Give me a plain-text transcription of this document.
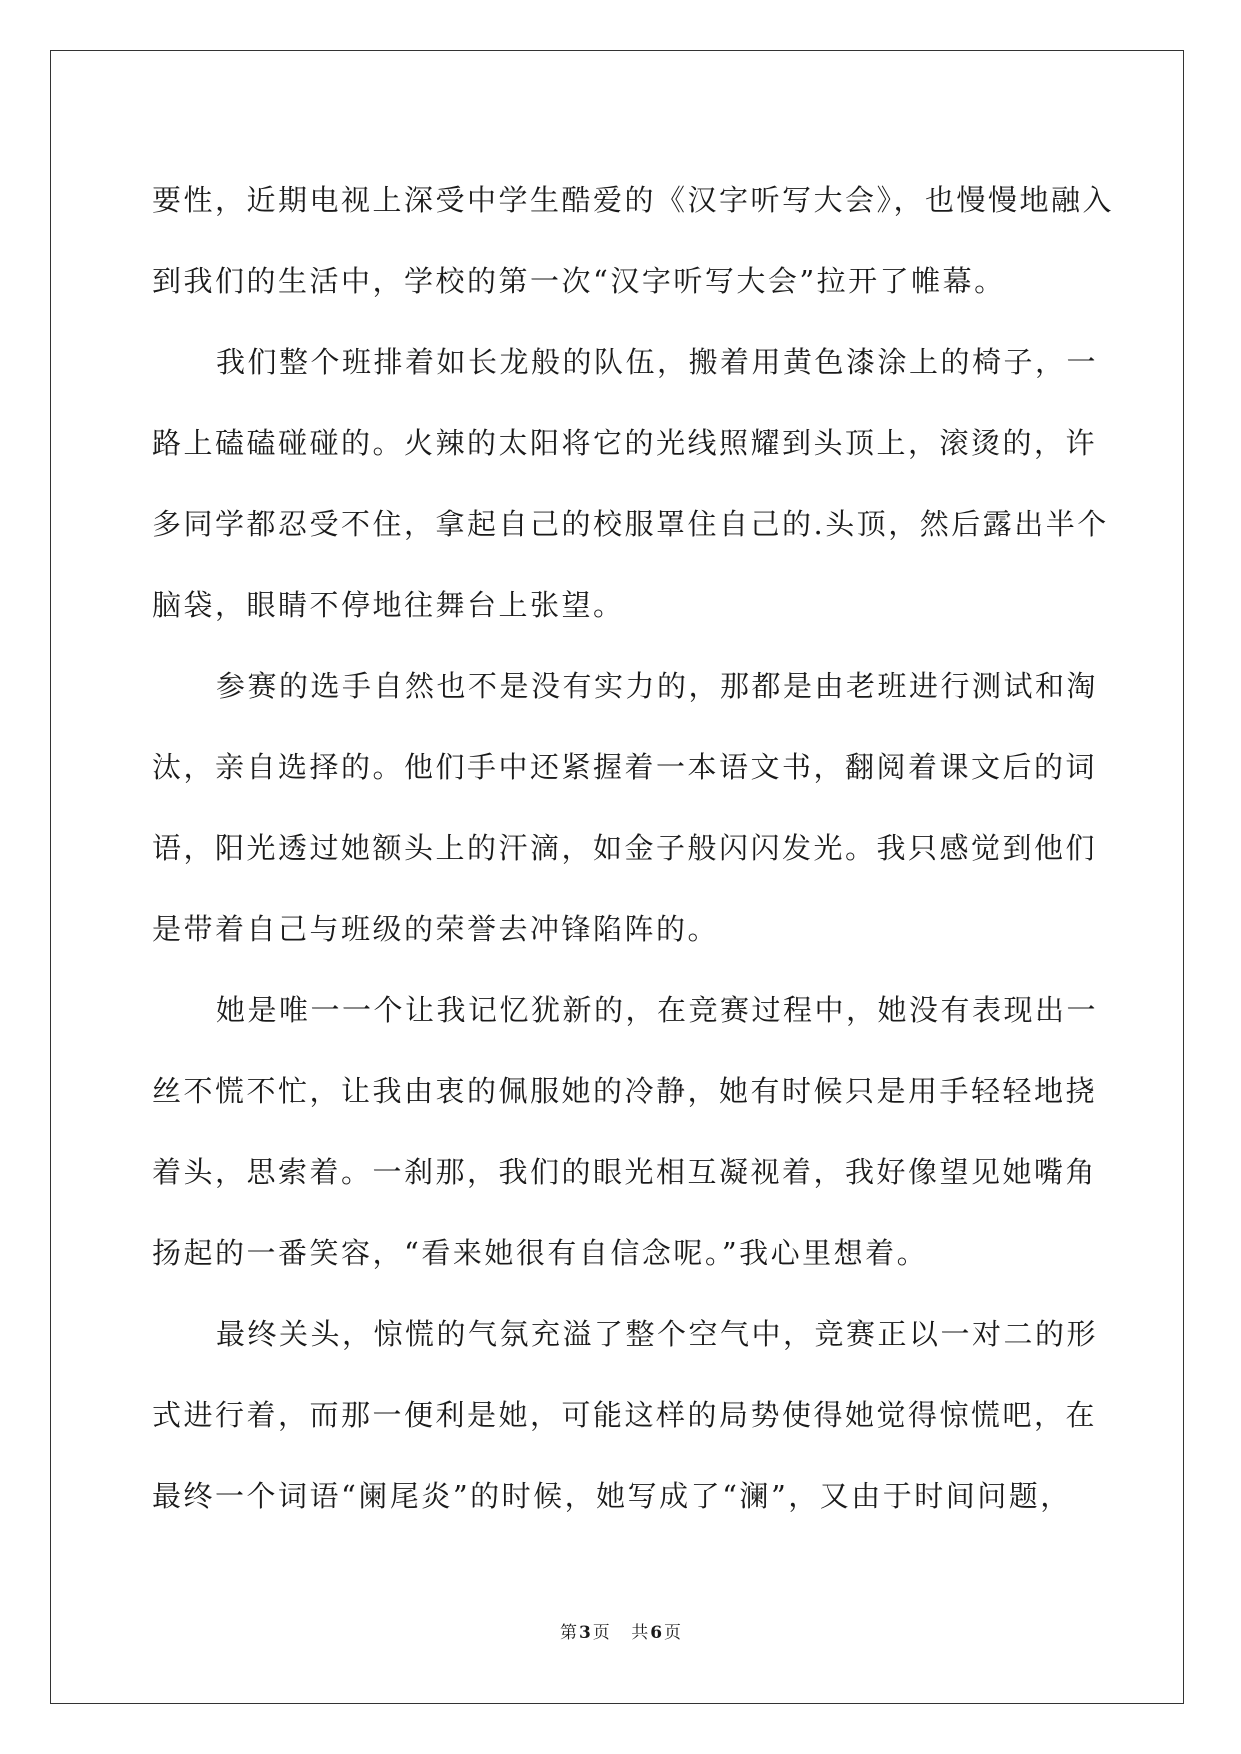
要性，近期电视上深受中学生酷爱的《汉字听写大会》，也慢慢地融入
到我们的生活中，学校的第一次“汉字听写大会”拉开了帷幕。
我们整个班排着如长龙般的队伍，搬着用黄色漆涂上的椅子，一
路上磕磕碰碰的。火辣的太阳将它的光线照耀到头顶上，滚烫的，许
多同学都忍受不住，拿起自己的校服罩住自己的.头顶，然后露出半个
脑袋，眼睛不停地往舞台上张望。
参赛的选手自然也不是没有实力的，那都是由老班进行测试和淘
汰，亲自选择的。他们手中还紧握着一本语文书，翻阅着课文后的词
语，阳光透过她额头上的汗滴，如金子般闪闪发光。我只感觉到他们
是带着自己与班级的荣誉去冲锋陷阵的。
她是唯一一个让我记忆犹新的，在竞赛过程中，她没有表现出一
丝不慌不忙，让我由衷的佩服她的冷静，她有时候只是用手轻轻地挠
着头，思索着。一刹那，我们的眼光相互凝视着，我好像望见她嘴角
扬起的一番笑容，“看来她很有自信念呢。”我心里想着。
最终关头，惊慌的气氛充溢了整个空气中，竞赛正以一对二的形
式进行着，而那一便利是她，可能这样的局势使得她觉得惊慌吧，在
最终一个词语“阑尾炎”的时候，她写成了“澜”，又由于时间问题，
第 3 页 共 6 页
